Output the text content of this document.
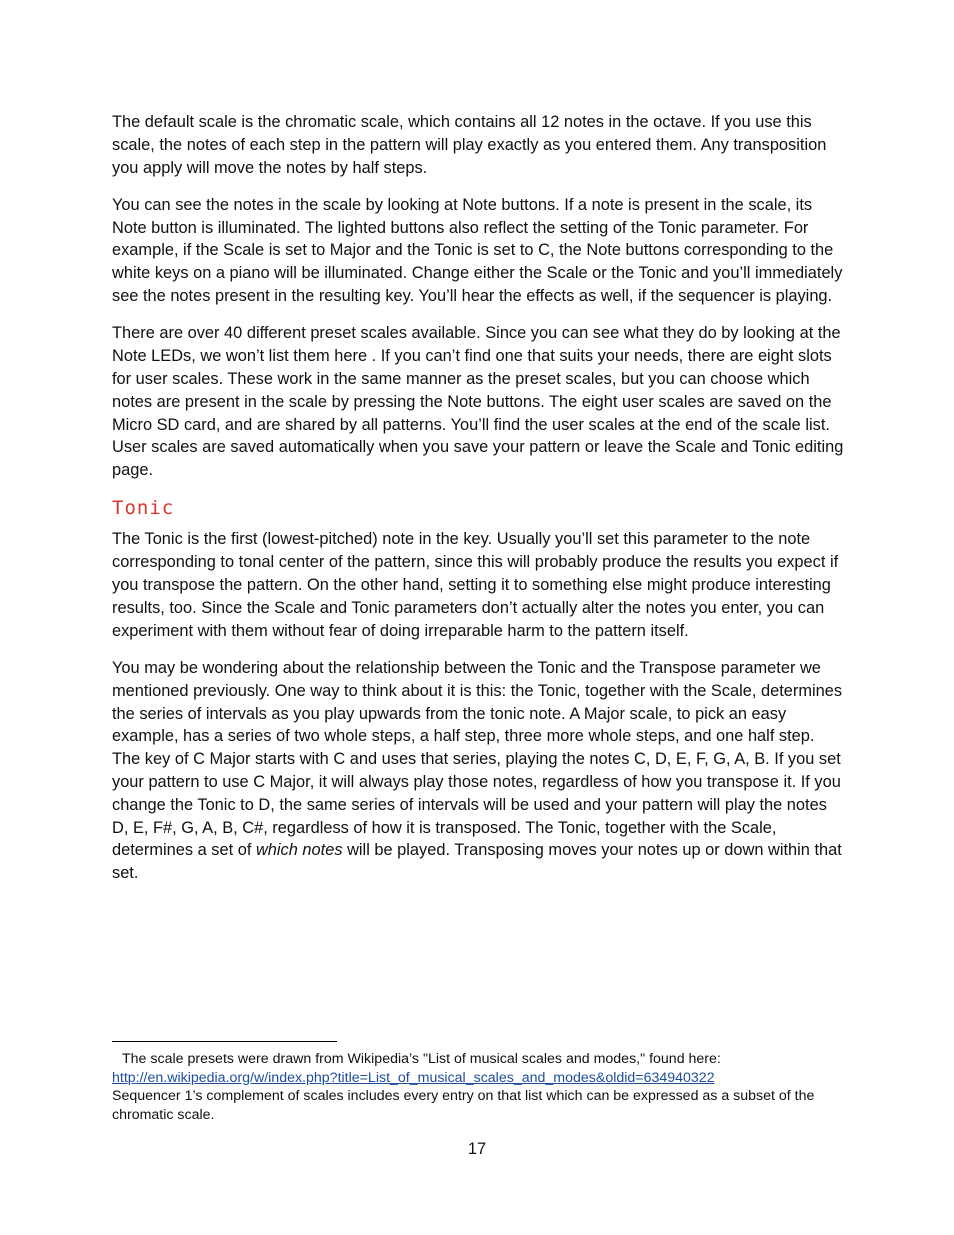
The default scale is the chromatic scale, which contains all 12 notes in the octave. If you use this scale, the notes of each step in the pattern will play exactly as you entered them. Any transposition you apply will move the notes by half steps.

You can see the notes in the scale by looking at Note buttons. If a note is present in the scale, its Note button is illuminated. The lighted buttons also reflect the setting of the Tonic parameter. For example, if the Scale is set to Major and the Tonic is set to C, the Note buttons corresponding to the white keys on a piano will be illuminated. Change either the Scale or the Tonic and you’ll immediately see the notes present in the resulting key. You’ll hear the effects as well, if the sequencer is playing.

There are over 40 different preset scales available. Since you can see what they do by looking at the Note LEDs, we won’t list them here . If you can’t find one that suits your needs, there are eight slots for user scales. These work in the same manner as the preset scales, but you can choose which notes are present in the scale by pressing the Note buttons. The eight user scales are saved on the Micro SD card, and are shared by all patterns. You’ll find the user scales at the end of the scale list. User scales are saved automatically when you save your pattern or leave the Scale and Tonic editing page.

Tonic

The Tonic is the first (lowest-pitched) note in the key. Usually you’ll set this parameter to the note corresponding to tonal center of the pattern, since this will probably produce the results you expect if you transpose the pattern. On the other hand, setting it to something else might produce interesting results, too. Since the Scale and Tonic parameters don’t actually alter the notes you enter, you can experiment with them without fear of doing irreparable harm to the pattern itself.

You may be wondering about the relationship between the Tonic and the Transpose parameter we mentioned previously. One way to think about it is this: the Tonic, together with the Scale, determines the series of intervals as you play upwards from the tonic note. A Major scale, to pick an easy example, has a series of two whole steps, a half step, three more whole steps, and one half step. The key of C Major starts with C and uses that series, playing the notes C, D, E, F, G, A, B. If you set your pattern to use C Major, it will always play those notes, regardless of how you transpose it. If you change the Tonic to D, the same series of intervals will be used and your pattern will play the notes D, E, F#, G, A, B, C#, regardless of how it is transposed. The Tonic, together with the Scale, determines a set of which notes will be played. Transposing moves your notes up or down within that set.

The scale presets were drawn from Wikipedia’s "List of musical scales and modes," found here:

http://en.wikipedia.org/w/index.php?title=List_of_musical_scales_and_modes&oldid=634940322

Sequencer 1’s complement of scales includes every entry on that list which can be expressed as a subset of the chromatic scale.

17
